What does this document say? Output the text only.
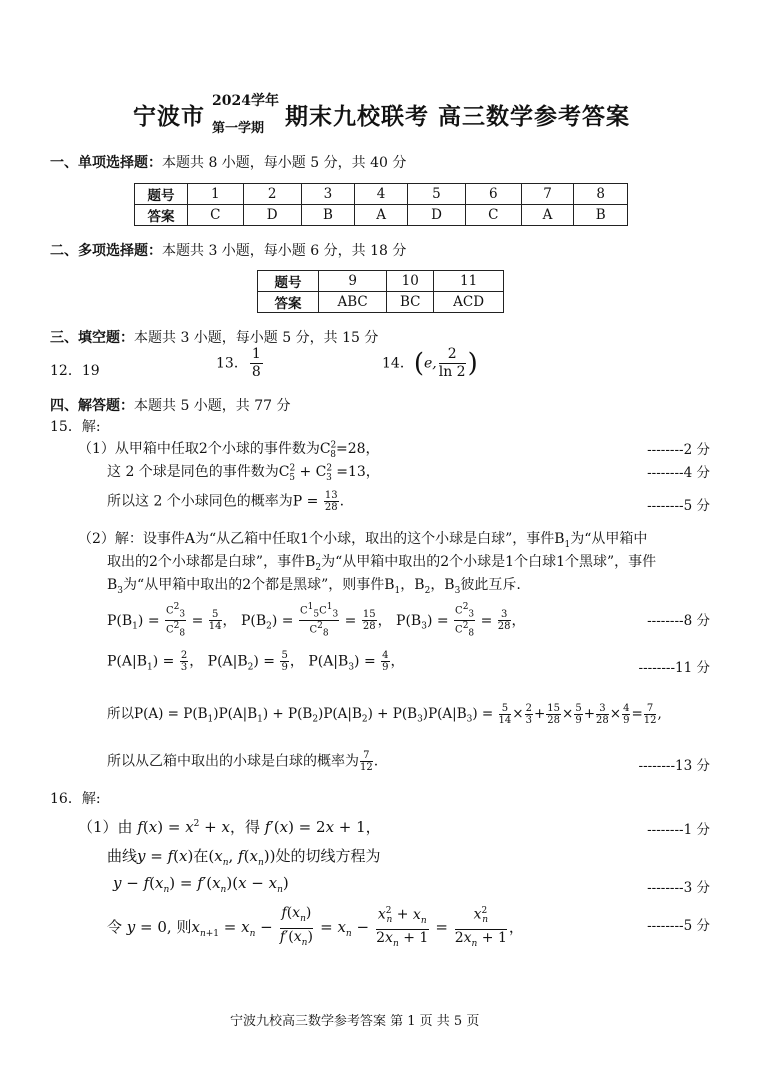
宁波市
2024学年
第一学期 期末九校联考 高三数学参考答案
一、单项选择题：本题共 8 小题，每小题 5 分，共 40 分
题号	1	2	3	4	5	6	7	8
答案	C	D	B	A	D	C	A	B
二、多项选择题：本题共 3 小题，每小题 6 分，共 18 分
题号	9	10	11
答案	ABC	BC	ACD
三、填空题：本题共 3 小题，每小题 5 分，共 15 分
12．19	13． $\frac{1}{8}$	14．(e, $\frac{2}{\ln 2}$ )
四、解答题：本题共 5 小题，共 77 分
15．解:
（1）从甲箱中任取2个小球的事件数为$C^2_8=28$，	--------2 分
这 2 个球是同色的事件数为$C^2_5 + C^2_3 =13$，	--------4 分
所以这 2 个小球同色的概率为$P = \frac{13}{28}$ .	--------5 分
（2）解：设事件A为“从乙箱中任取1个小球，取出的这个小球是白球”，事件$B_1$为“从甲箱中
取出的2个小球都是白球”，事件$B_2$为“从甲箱中取出的2个小球是1个白球1个黑球”，事件
$B_3$为“从甲箱中取出的2个都是黑球”，则事件$B_1$，$B_2$，$B_3$彼此互斥.
$P(B_1) = \frac{C^2_3}{C^2_8} = \frac{5}{14}$ ， $P(B_2) = \frac{C^1_5C^1_3}{C^2_8} = \frac{15}{28}$ ， $P(B_3) = \frac{C^2_3}{C^2_8} = \frac{3}{28}$ ，	--------8 分
$P(A|B_1) = \frac{2}{3}$ ， $P(A|B_2) = \frac{5}{9}$ ， $P(A|B_3) = \frac{4}{9}$ ，	--------11 分
所以$P(A) = P(B_1)P(A|B_1) + P(B_2)P(A|B_2) + P(B_3)P(A|B_3) = \frac{5}{14} \times \frac{2}{3} + \frac{15}{28} \times \frac{5}{9} + \frac{3}{28} \times \frac{4}{9} = \frac{7}{12}$ ,
所以从乙箱中取出的小球是白球的概率为 $\frac{7}{12}$ .	--------13 分
16．解:
（1）由 $f(x) = x^2 + x$，得 f′(x) = 2x + 1，	--------1 分
曲线y = f(x)在($x_n$, $f(x_n)$)处的切线方程为
$y - f(x_n) = f'(x_n)(x - x_n)$	--------3 分
令 y = 0, 则$x_{n+1} = x_n - \frac{f(x_n)}{f'(x_n)} = x_n - \frac{x^2_n + x_n}{2x_n + 1} = \frac{x^2_n}{2x_n + 1}$ ，	--------5 分
宁波九校高三数学参考答案 第 1 页 共 5 页
